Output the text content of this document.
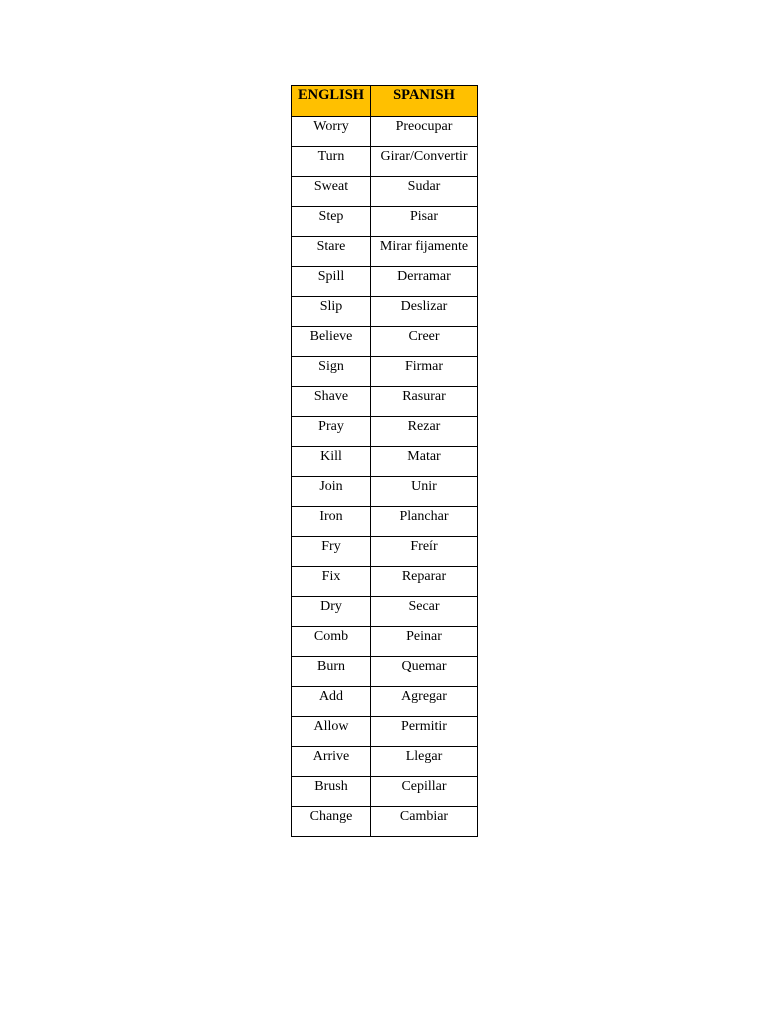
ENGLISH	SPANISH
Worry	Preocupar
Turn	Girar/Convertir
Sweat	Sudar
Step	Pisar
Stare	Mirar fijamente
Spill	Derramar
Slip	Deslizar
Believe	Creer
Sign	Firmar
Shave	Rasurar
Pray	Rezar
Kill	Matar
Join	Unir
Iron	Planchar
Fry	Freír
Fix	Reparar
Dry	Secar
Comb	Peinar
Burn	Quemar
Add	Agregar
Allow	Permitir
Arrive	Llegar
Brush	Cepillar
Change	Cambiar
